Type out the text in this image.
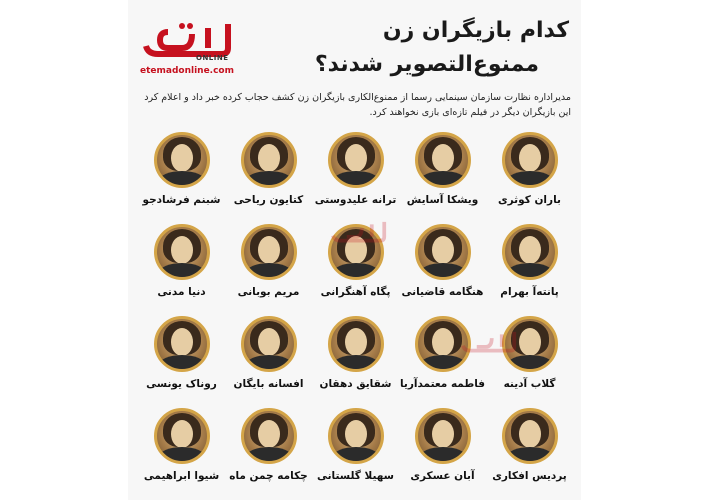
ONLINE
etemadonline.com
کدام بازیگران زن
ممنوع‌التصویر شدند؟

مدیراداره نظارت سازمان سینمایی رسما از ممنوع‌الکاری بازیگران زن کشف حجاب کرده خبر داد و اعلام کرد این بازیگران دیگر در فیلم تازه‌ای بازی نخواهند کرد.

باران کوثری
ویشکا آسایش
ترانه علیدوستی
کتایون ریاحی
شبنم فرشادجو
پانته‌آ بهرام
هنگامه قاضیانی
پگاه آهنگرانی
مریم بوبانی
دنیا مدنی
گلاب آدینه
فاطمه معتمدآریا
شقایق دهقان
افسانه بایگان
روناک یونسی
پردیس افکاری
آبان عسکری
سهیلا گلستانی
چکامه چمن ماه
شیوا ابراهیمی
